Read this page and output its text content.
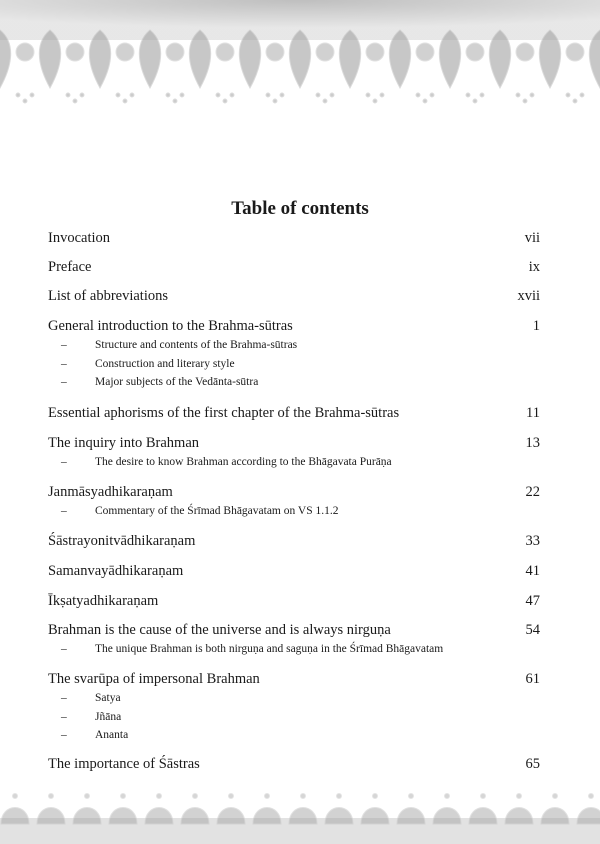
Table of contents
Invocation	vii
Preface	ix
List of abbreviations	xvii
General introduction to the Brahma-sūtras	1
–	Structure and contents of the Brahma-sūtras
–	Construction and literary style
–	Major subjects of the Vedānta-sūtra
Essential aphorisms of the first chapter of the Brahma-sūtras	11
The inquiry into Brahman	13
–	The desire to know Brahman according to the Bhāgavata Purāṇa
Janmāsyadhikaraṇam	22
–	Commentary of the Śrīmad Bhāgavatam on VS 1.1.2
Śāstrayonitvādhikaraṇam	33
Samanvayādhikaraṇam	41
Īkṣatyadhikaraṇam	47
Brahman is the cause of the universe and is always nirguṇa	54
–	The unique Brahman is both nirguṇa and saguṇa in the Śrīmad Bhāgavatam
The svarūpa of impersonal Brahman	61
–	Satya
–	Jñāna
–	Ananta
The importance of Śāstras	65
